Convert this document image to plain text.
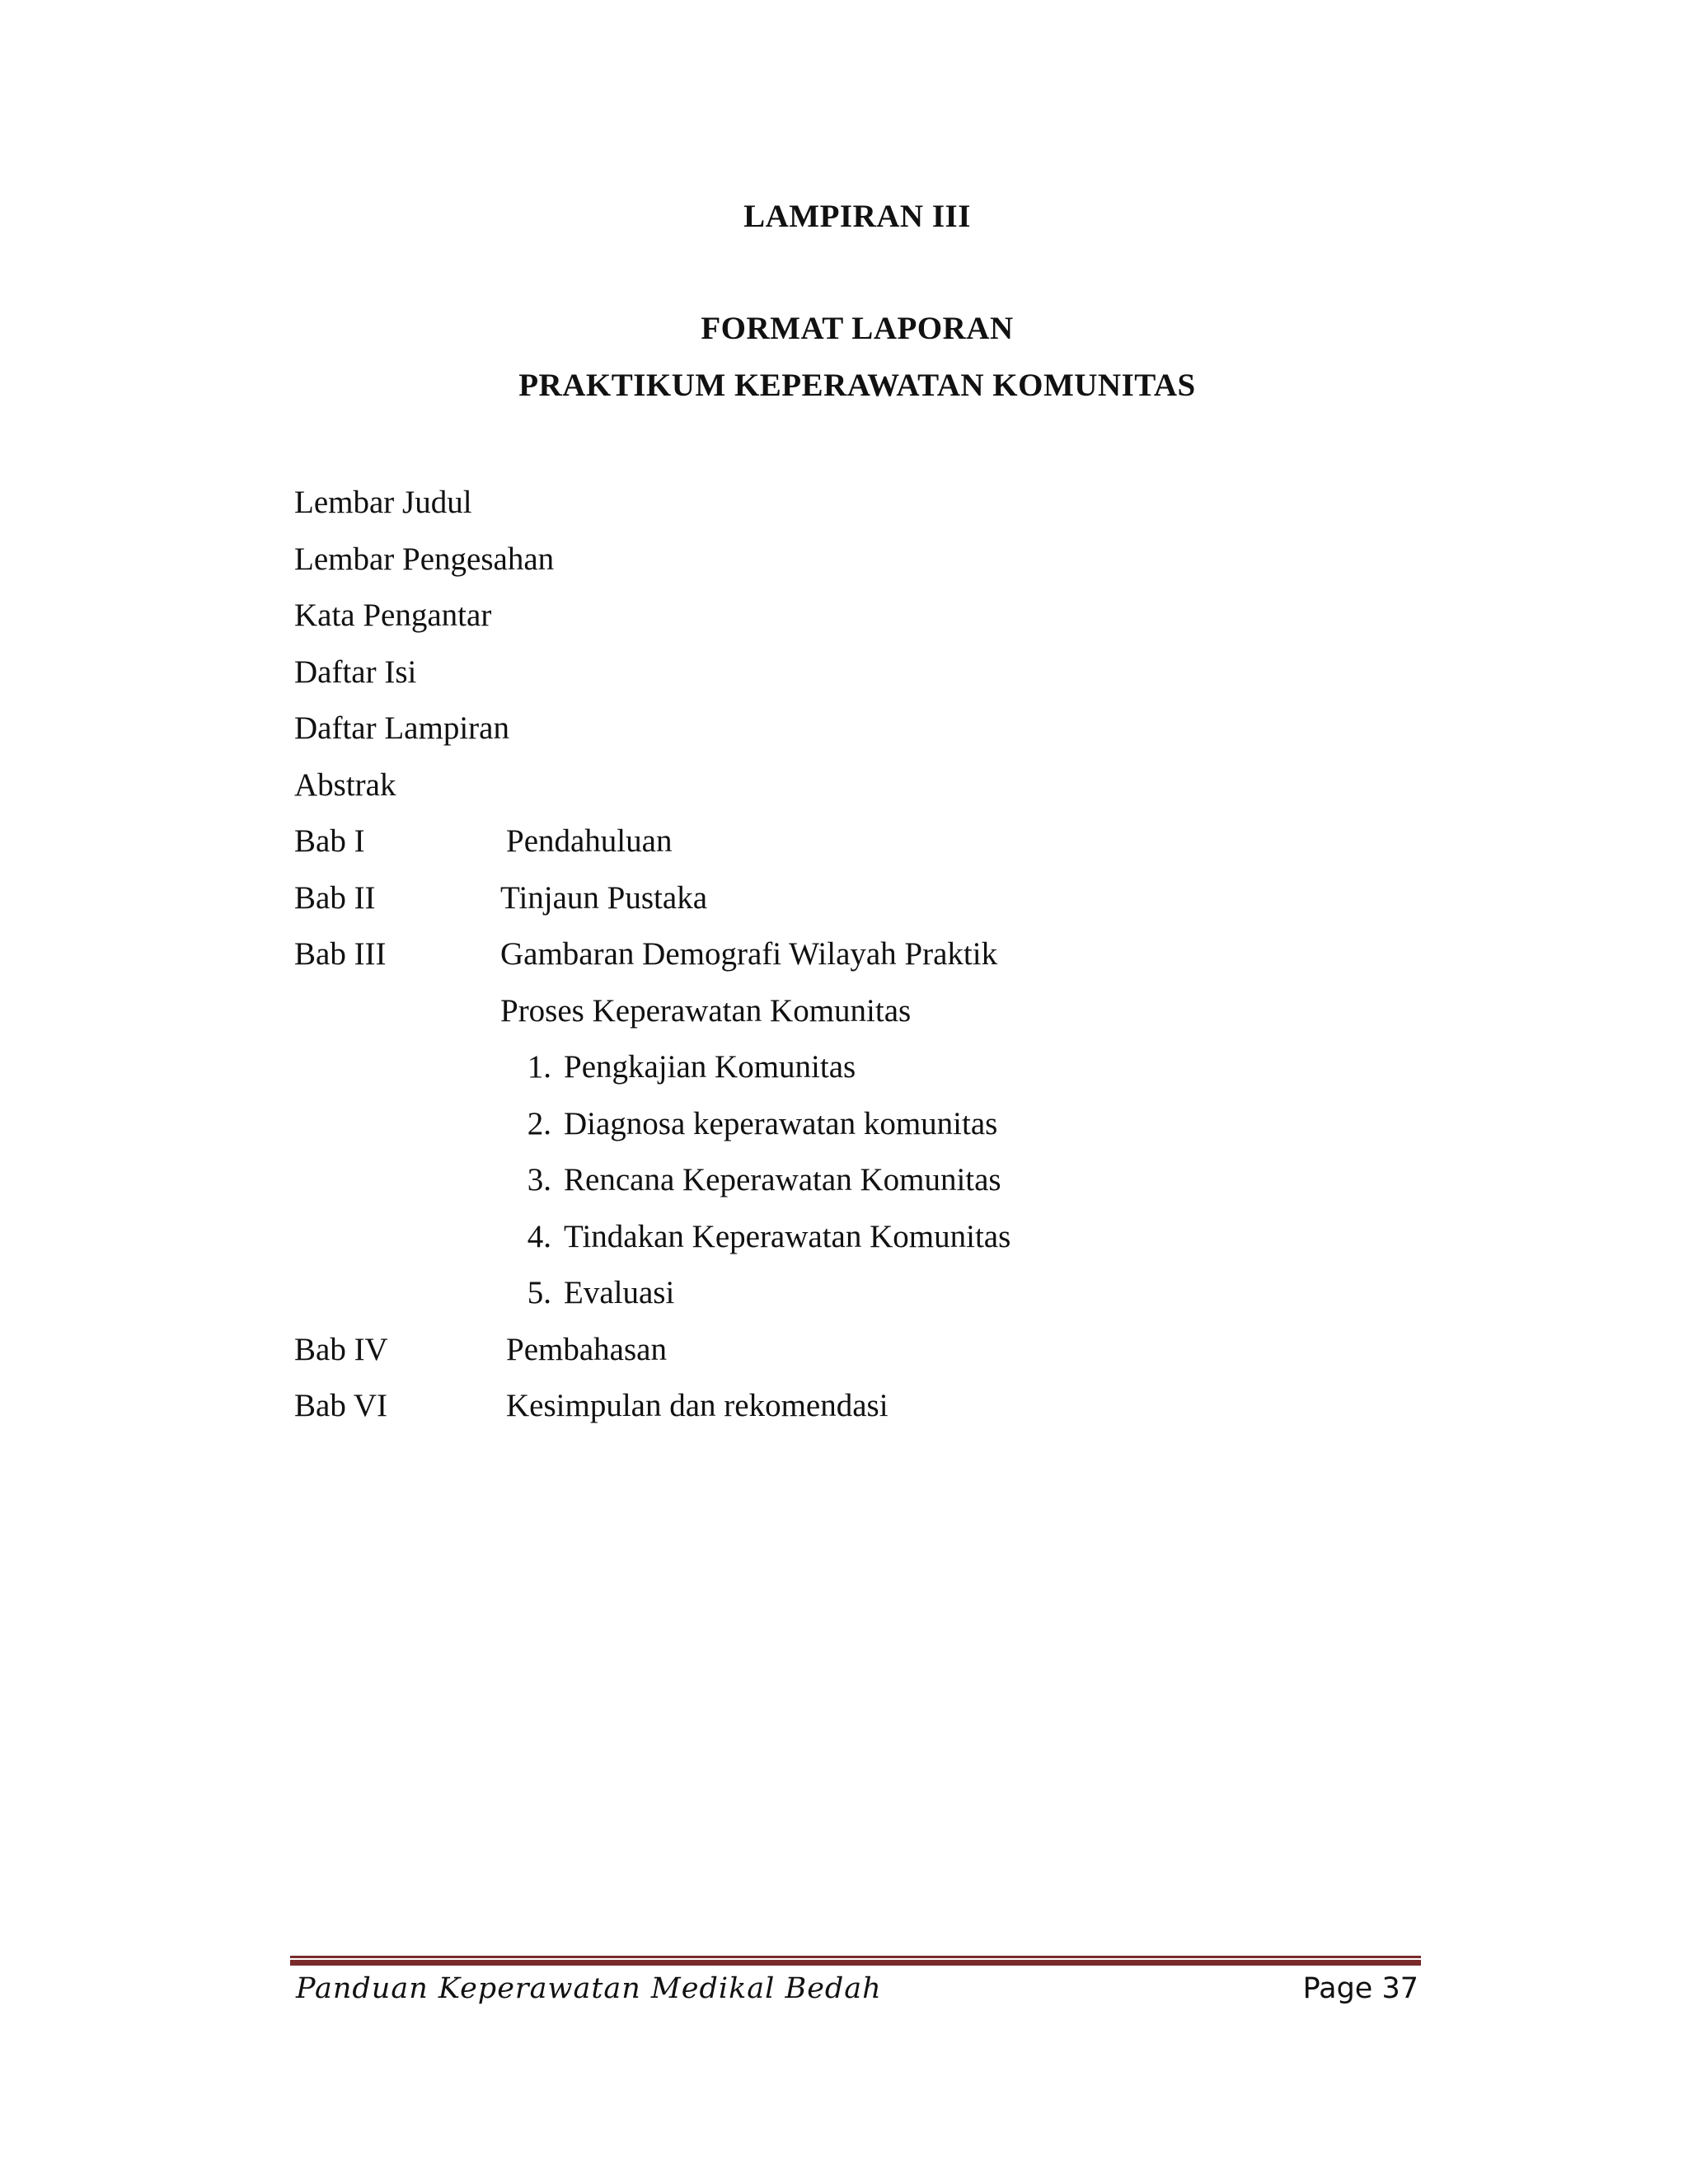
LAMPIRAN III
FORMAT LAPORAN
PRAKTIKUM KEPERAWATAN KOMUNITAS
Lembar Judul
Lembar Pengesahan
Kata Pengantar
Daftar Isi
Daftar Lampiran
Abstrak
Bab I	Pendahuluan
Bab II	Tinjaun Pustaka
Bab III	Gambaran Demografi Wilayah Praktik
Proses Keperawatan Komunitas
1. Pengkajian Komunitas
2. Diagnosa keperawatan komunitas
3. Rencana Keperawatan Komunitas
4. Tindakan Keperawatan Komunitas
5. Evaluasi
Bab IV	Pembahasan
Bab VI	Kesimpulan dan rekomendasi
Panduan Keperawatan Medikal Bedah	Page 37
